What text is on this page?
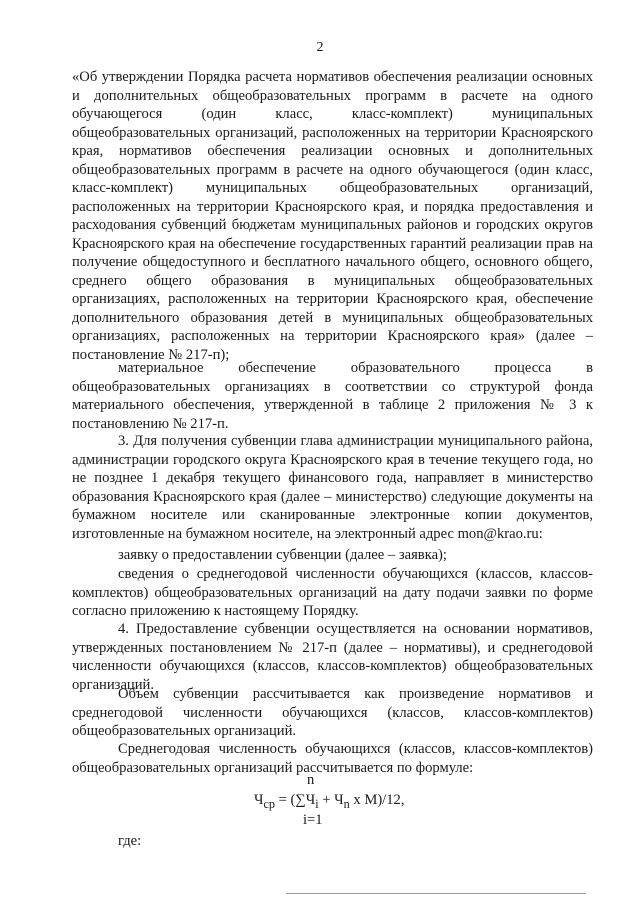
2
«Об утверждении Порядка расчета нормативов обеспечения реализации основных и дополнительных общеобразовательных программ в расчете на одного обучающегося (один класс, класс-комплект) муниципальных общеобразовательных организаций, расположенных на территории Красноярского края, нормативов обеспечения реализации основных и дополнительных общеобразовательных программ в расчете на одного обучающегося (один класс, класс-комплект) муниципальных общеобразовательных организаций, расположенных на территории Красноярского края, и порядка предоставления и расходования субвенций бюджетам муниципальных районов и городских округов Красноярского края на обеспечение государственных гарантий реализации прав на получение общедоступного и бесплатного начального общего, основного общего, среднего общего образования в муниципальных общеобразовательных организациях, расположенных на территории Красноярского края, обеспечение дополнительного образования детей в муниципальных общеобразовательных организациях, расположенных на территории Красноярского края» (далее – постановление № 217-п);
материальное обеспечение образовательного процесса в общеобразовательных организациях в соответствии со структурой фонда материального обеспечения, утвержденной в таблице 2 приложения № 3 к постановлению № 217-п.
3. Для получения субвенции глава администрации муниципального района, администрации городского округа Красноярского края в течение текущего года, но не позднее 1 декабря текущего финансового года, направляет в министерство образования Красноярского края (далее – министерство) следующие документы на бумажном носителе или сканированные электронные копии документов, изготовленные на бумажном носителе, на электронный адрес mon@krao.ru:
заявку о предоставлении субвенции (далее – заявка);
сведения о среднегодовой численности обучающихся (классов, классов-комплектов) общеобразовательных организаций на дату подачи заявки по форме согласно приложению к настоящему Порядку.
4. Предоставление субвенции осуществляется на основании нормативов, утвержденных постановлением № 217-п (далее – нормативы), и среднегодовой численности обучающихся (классов, классов-комплектов) общеобразовательных организаций.
Объем субвенции рассчитывается как произведение нормативов и среднегодовой численности обучающихся (классов, классов-комплектов) общеобразовательных организаций.
Среднегодовая численность обучающихся (классов, классов-комплектов) общеобразовательных организаций рассчитывается по формуле:
n
$Ч_{ср} = (\sum Ч_i + Ч_n$ х М)/12,
i=1
где:
